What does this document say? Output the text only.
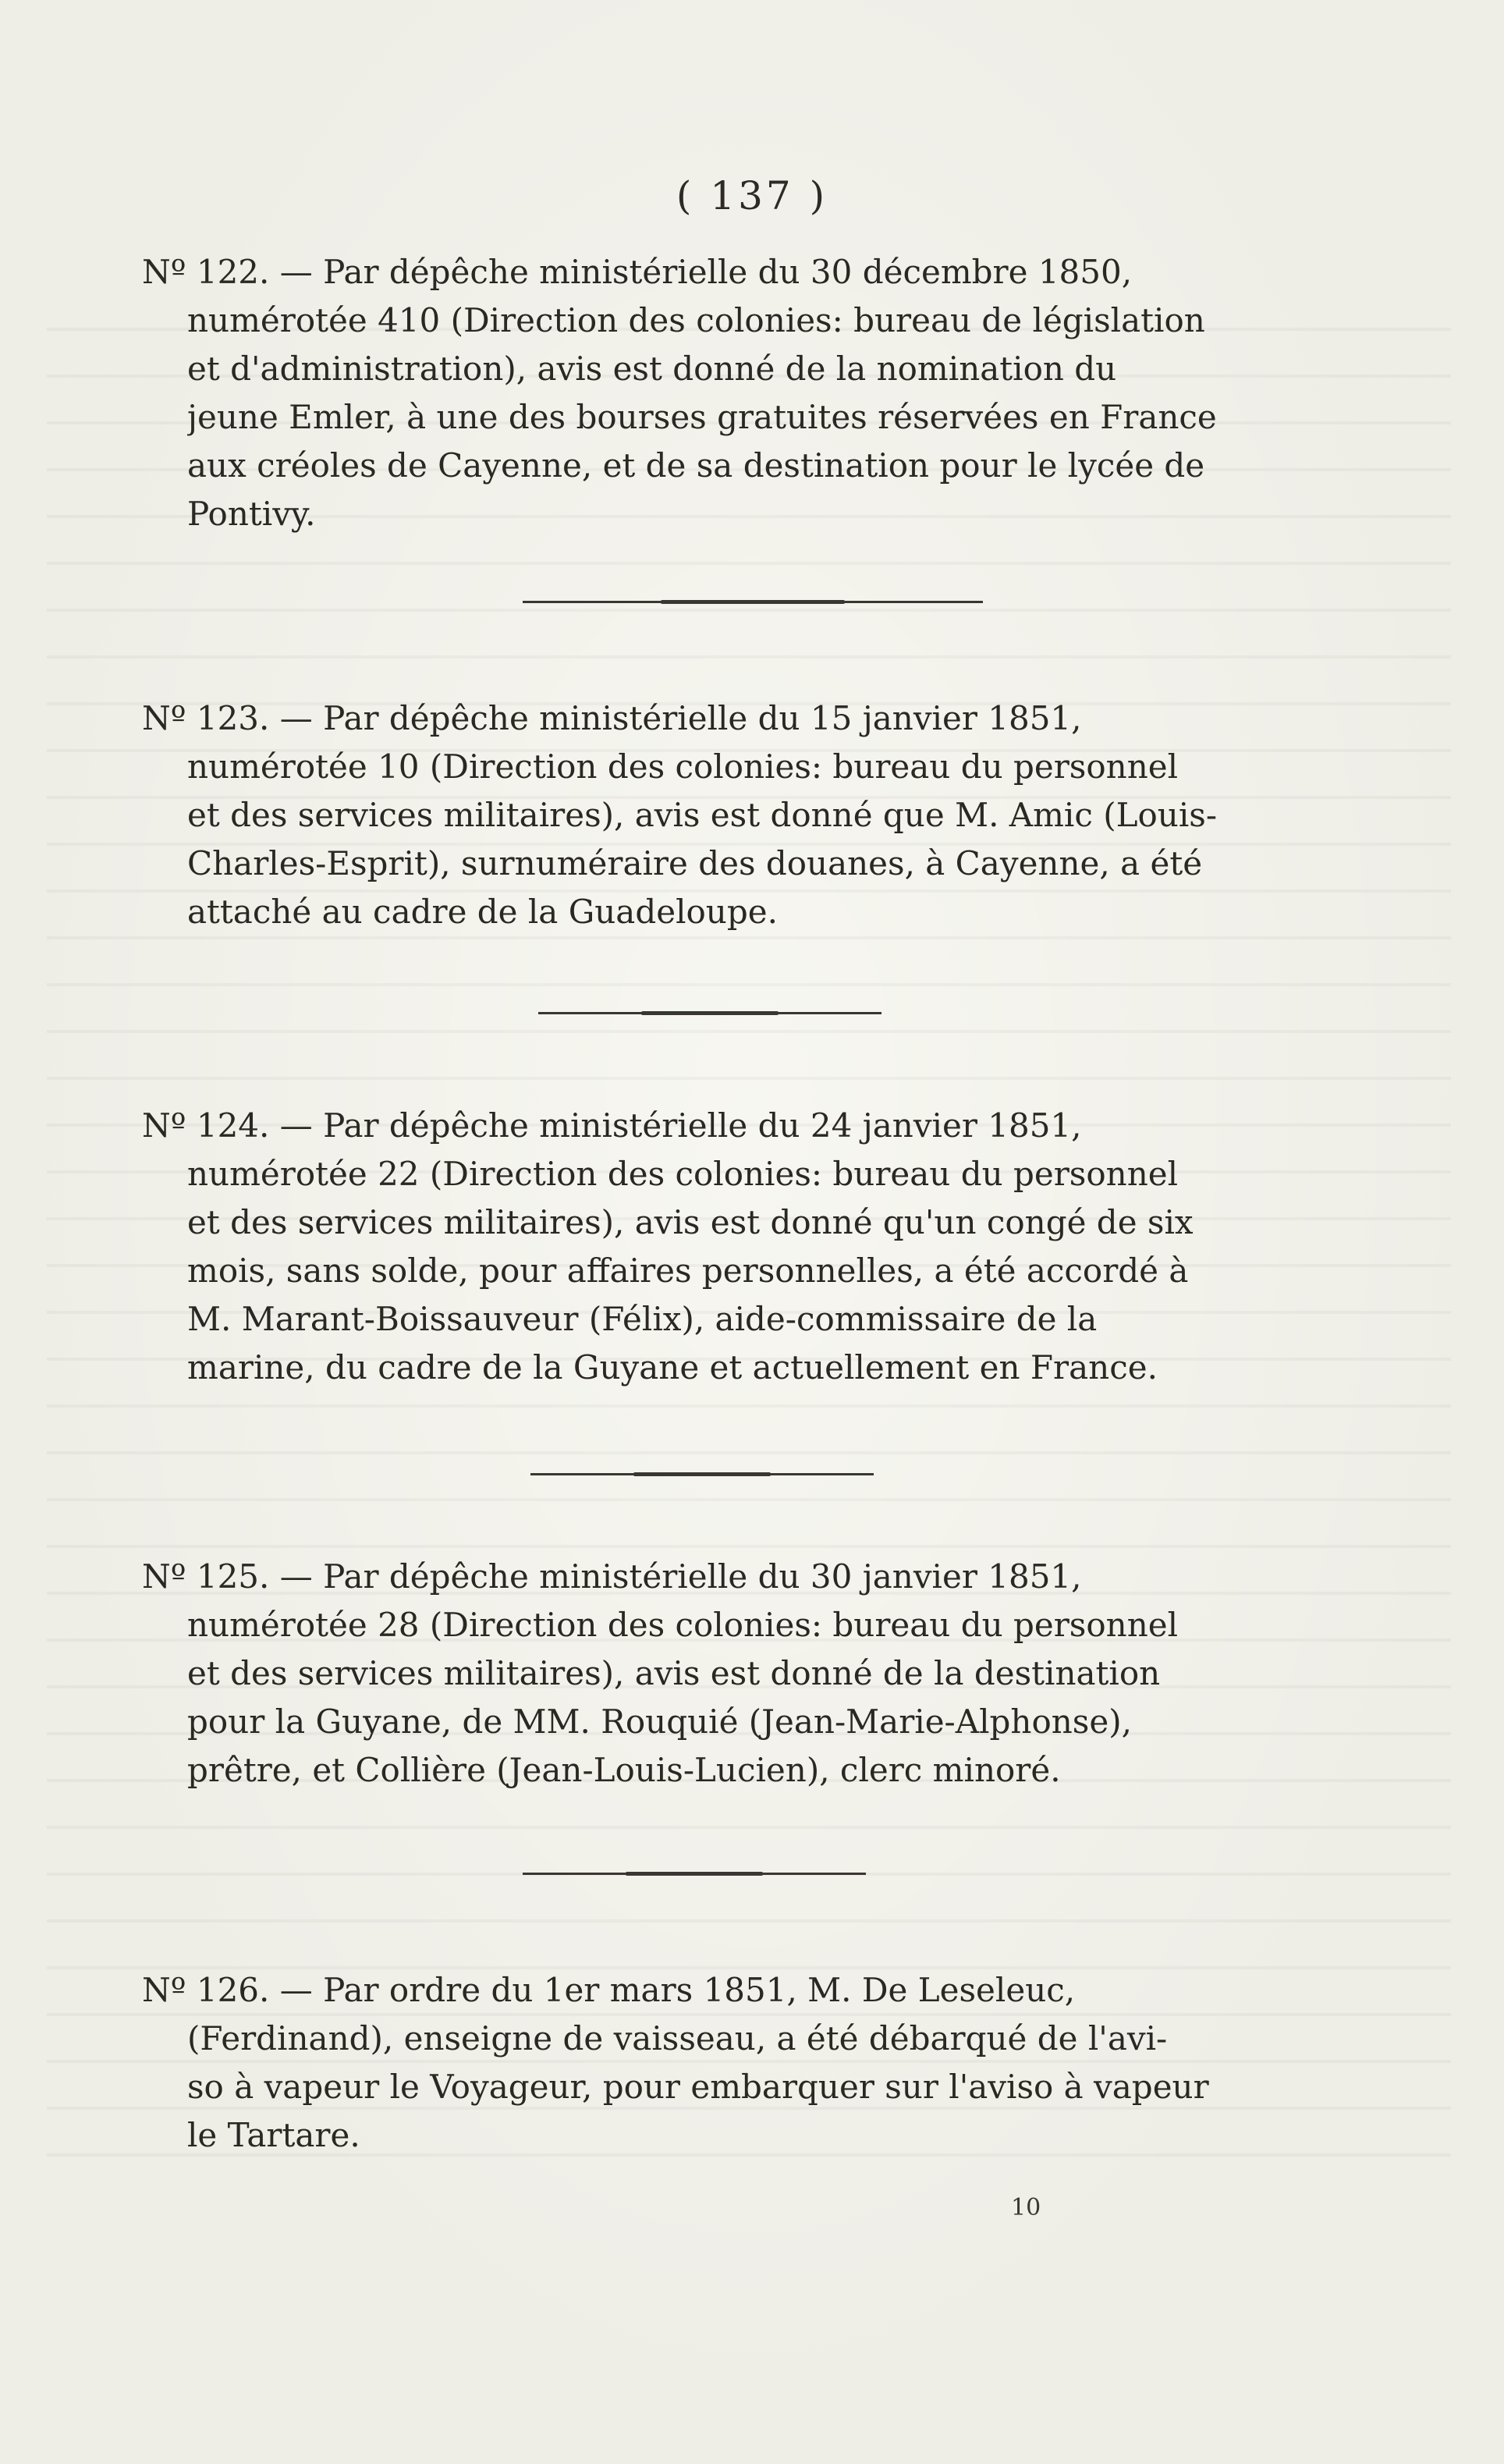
( 137 )
Nº 122. — Par dépêche ministérielle du 30 décembre 1850,
numérotée 410 (Direction des colonies: bureau de législation
et d'administration), avis est donné de la nomination du
jeune Emler, à une des bourses gratuites réservées en France
aux créoles de Cayenne, et de sa destination pour le lycée de
Pontivy.
Nº 123. — Par dépêche ministérielle du 15 janvier 1851,
numérotée 10 (Direction des colonies: bureau du personnel
et des services militaires), avis est donné que M. Amic (Louis-
Charles-Esprit), surnuméraire des douanes, à Cayenne, a été
attaché au cadre de la Guadeloupe.
Nº 124. — Par dépêche ministérielle du 24 janvier 1851,
numérotée 22 (Direction des colonies: bureau du personnel
et des services militaires), avis est donné qu'un congé de six
mois, sans solde, pour affaires personnelles, a été accordé à
M. Marant-Boissauveur (Félix), aide-commissaire de la
marine, du cadre de la Guyane et actuellement en France.
Nº 125. — Par dépêche ministérielle du 30 janvier 1851,
numérotée 28 (Direction des colonies: bureau du personnel
et des services militaires), avis est donné de la destination
pour la Guyane, de MM. Rouquié (Jean-Marie-Alphonse),
prêtre, et Collière (Jean-Louis-Lucien), clerc minoré.
Nº 126. — Par ordre du 1er mars 1851, M. De Leseleuc,
(Ferdinand), enseigne de vaisseau, a été débarqué de l'avi-
so à vapeur le Voyageur, pour embarquer sur l'aviso à vapeur
le Tartare.
10
